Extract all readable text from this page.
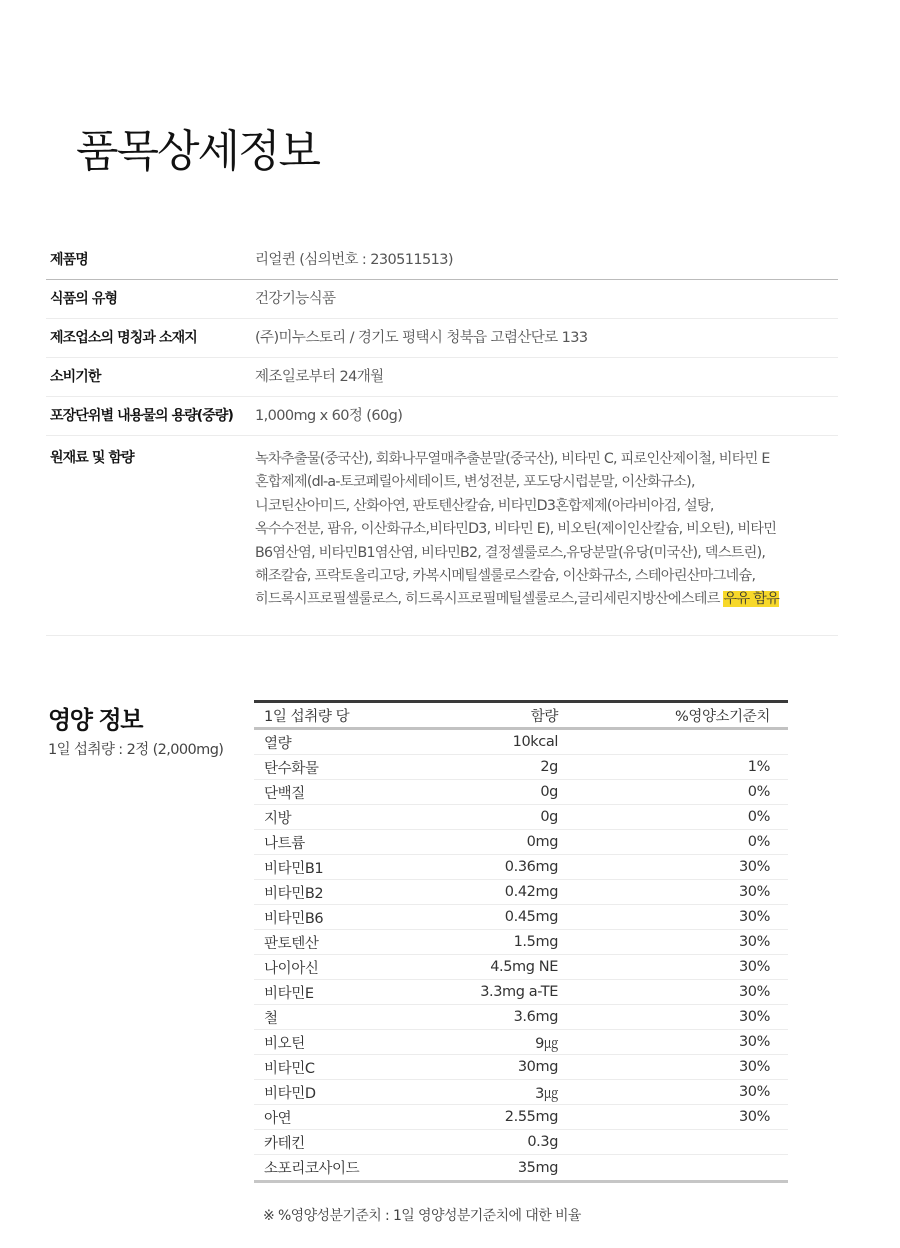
품목상세정보
제품명	리얼퀸 (심의번호 : 230511513)
식품의 유형	건강기능식품
제조업소의 명칭과 소재지	(주)미누스토리 / 경기도 평택시 청북읍 고렴산단로 133
소비기한	제조일로부터 24개월
포장단위별 내용물의 용량(중량)	1,000mg x 60정 (60g)
원재료 및 함량	녹차추출물(중국산), 회화나무열매추출분말(중국산), 비타민 C, 피로인산제이철, 비타민 E
혼합제제(dl-a-토코페릴아세테이트, 변성전분, 포도당시럽분말, 이산화규소),
니코틴산아미드, 산화아연, 판토텐산칼슘, 비타민D3혼합제제(아라비아검, 설탕,
옥수수전분, 팜유, 이산화규소,비타민D3, 비타민 E), 비오틴(제이인산칼슘, 비오틴), 비타민
B6염산염, 비타민B1염산염, 비타민B2, 결정셀룰로스,유당분말(유당(미국산), 덱스트린),
해조칼슘, 프락토올리고당, 카복시메틸셀룰로스칼슘, 이산화규소, 스테아린산마그네슘,
히드록시프로필셀룰로스, 히드록시프로필메틸셀룰로스,글리세린지방산에스테르 우유 함유
영양 정보
1일 섭취량 : 2정 (2,000mg)
1일 섭취량 당	함량	%영양소기준치
열량	10kcal
탄수화물	2g	1%
단백질	0g	0%
지방	0g	0%
나트륨	0mg	0%
비타민B1	0.36mg	30%
비타민B2	0.42mg	30%
비타민B6	0.45mg	30%
판토텐산	1.5mg	30%
나이아신	4.5mg NE	30%
비타민E	3.3mg a-TE	30%
철	3.6mg	30%
비오틴	9㎍	30%
비타민C	30mg	30%
비타민D	3㎍	30%
아연	2.55mg	30%
카테킨	0.3g
소포리코사이드	35mg
※ %영양성분기준치 : 1일 영양성분기준치에 대한 비율
